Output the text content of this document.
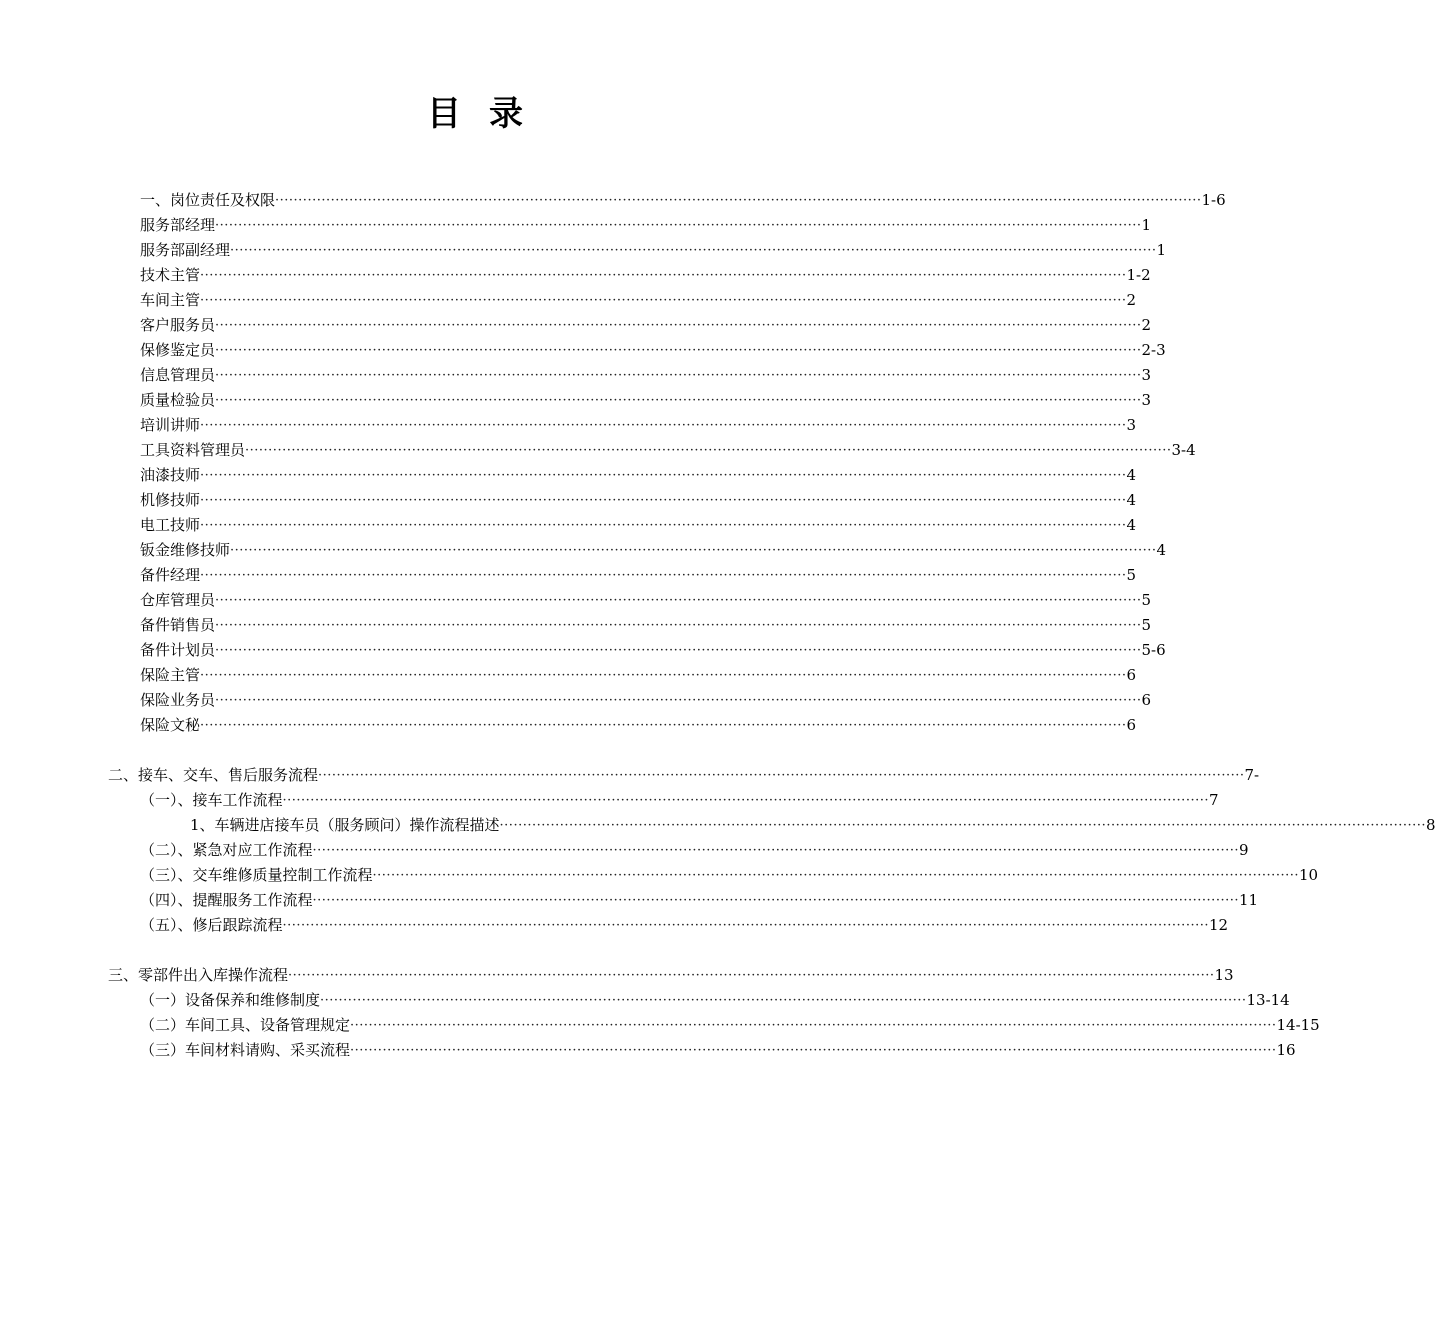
目录
一、岗位责任及权限 ········································································································································································································ 1-6
服务部经理 ········································································································································································································ 1
服务部副经理 ········································································································································································································ 1
技术主管 ········································································································································································································ 1-2
车间主管 ········································································································································································································ 2
客户服务员 ········································································································································································································ 2
保修鉴定员 ········································································································································································································ 2-3
信息管理员 ········································································································································································································ 3
质量检验员 ········································································································································································································ 3
培训讲师 ········································································································································································································ 3
工具资料管理员 ········································································································································································································ 3-4
油漆技师 ········································································································································································································ 4
机修技师 ········································································································································································································ 4
电工技师 ········································································································································································································ 4
钣金维修技师 ········································································································································································································ 4
备件经理 ········································································································································································································ 5
仓库管理员 ········································································································································································································ 5
备件销售员 ········································································································································································································ 5
备件计划员 ········································································································································································································ 5-6
保险主管 ········································································································································································································ 6
保险业务员 ········································································································································································································ 6
保险文秘 ········································································································································································································ 6
二、接车、交车、售后服务流程 ········································································································································································································ 7-
（一）、接车工作流程 ········································································································································································································ 7
1、车辆进店接车员（服务顾问）操作流程描述 ········································································································································································································ 8
（二）、紧急对应工作流程 ········································································································································································································ 9
（三）、交车维修质量控制工作流程 ········································································································································································································ 10
（四）、提醒服务工作流程 ········································································································································································································ 11
（五）、修后跟踪流程 ········································································································································································································ 12
三、零部件出入库操作流程 ········································································································································································································ 13
（一）设备保养和维修制度 ········································································································································································································ 13-14
（二）车间工具、设备管理规定 ········································································································································································································ 14-15
（三）车间材料请购、采买流程 ········································································································································································································ 16
